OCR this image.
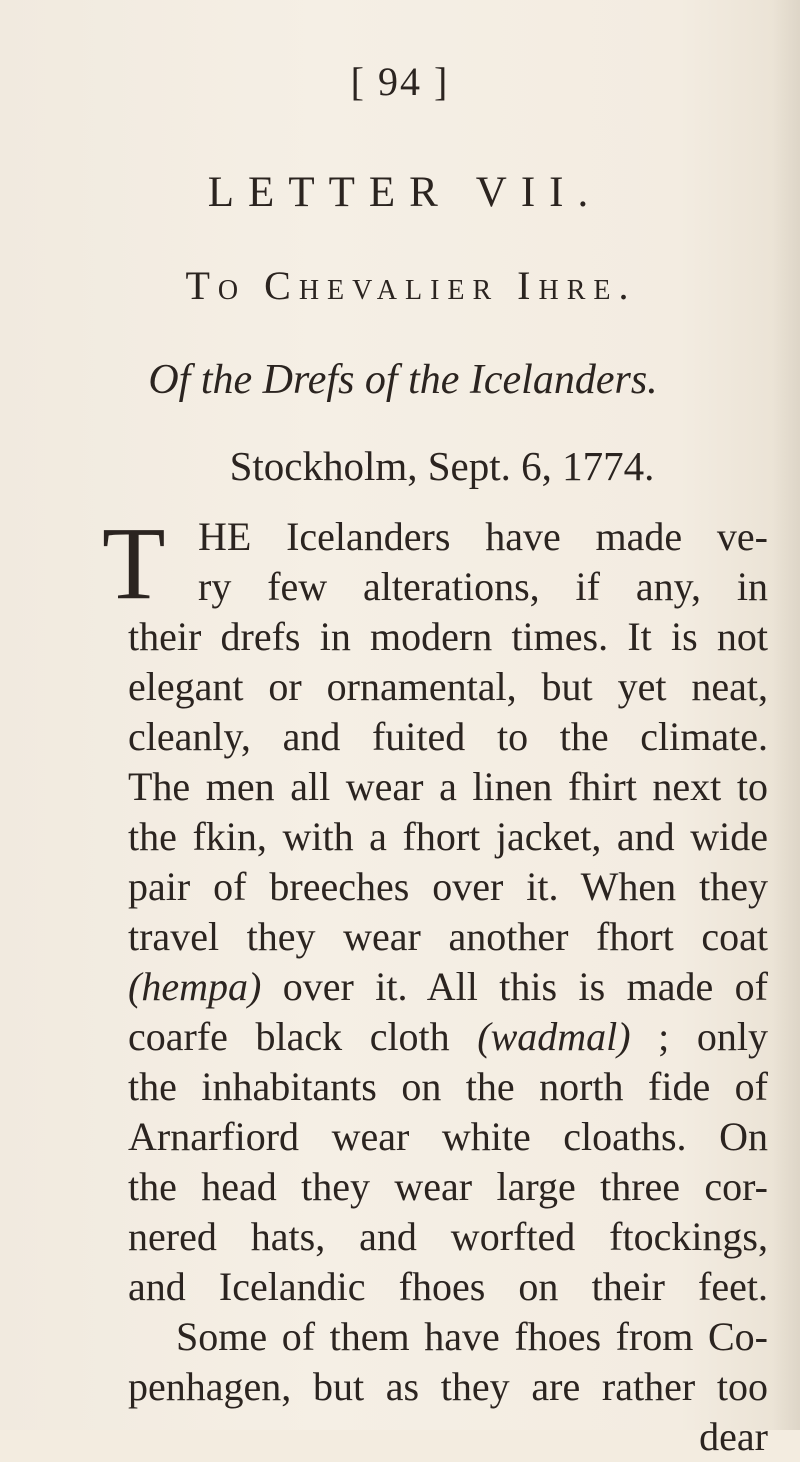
[ 94 ]
LETTER VII.
To Chevalier Ihre.
Of the Drefs of the Icelanders.
Stockholm, Sept. 6, 1774.
T HE Icelanders have made ve-
ry few alterations, if any, in
their drefs in modern times. It is not
elegant or ornamental, but yet neat,
cleanly, and fuited to the climate.
The men all wear a linen fhirt next to
the fkin, with a fhort jacket, and wide
pair of breeches over it. When they
travel they wear another fhort coat
(hempa) over it. All this is made of
coarfe black cloth (wadmal) ; only
the inhabitants on the north fide of
Arnarfiord wear white cloaths. On
the head they wear large three cor-
nered hats, and worfted ftockings,
and Icelandic fhoes on their feet.
Some of them have fhoes from Co-
penhagen, but as they are rather too
dear
